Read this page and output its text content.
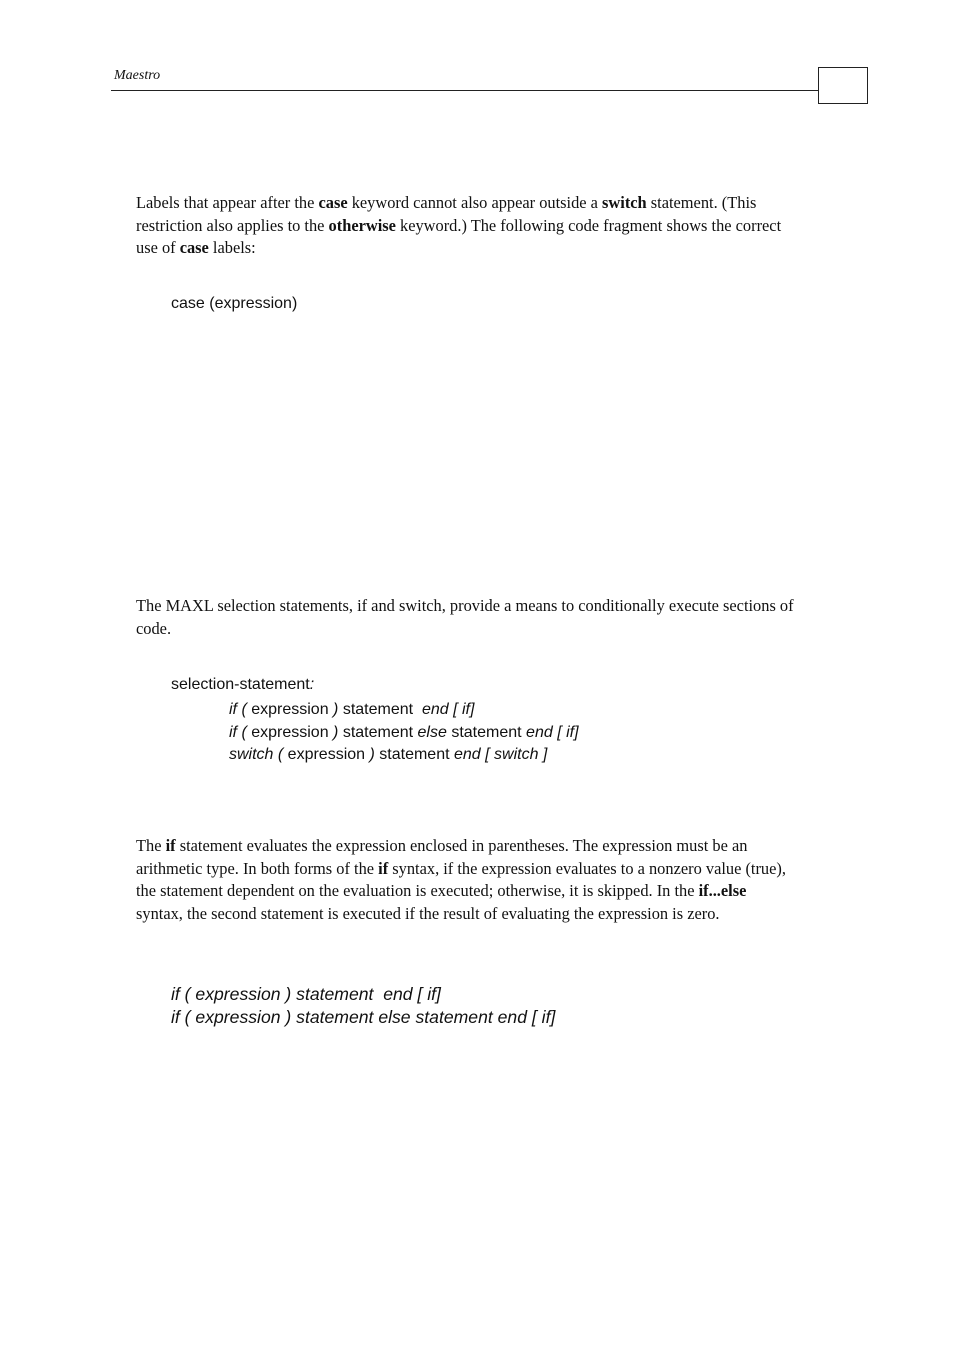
Maestro

Labels that appear after the case keyword cannot also appear outside a switch statement. (This restriction also applies to the otherwise keyword.) The following code fragment shows the correct use of case labels:

case (expression)

The MAXL selection statements, if and switch, provide a means to conditionally execute sections of code.

selection-statement:
if ( expression ) statement  end [ if]
if ( expression ) statement else statement end [ if]
switch ( expression ) statement end [ switch ]

The if statement evaluates the expression enclosed in parentheses. The expression must be an arithmetic type. In both forms of the if syntax, if the expression evaluates to a nonzero value (true), the statement dependent on the evaluation is executed; otherwise, it is skipped. In the if...else syntax, the second statement is executed if the result of evaluating the expression is zero.

if ( expression ) statement  end [ if]
if ( expression ) statement else statement end [ if]
